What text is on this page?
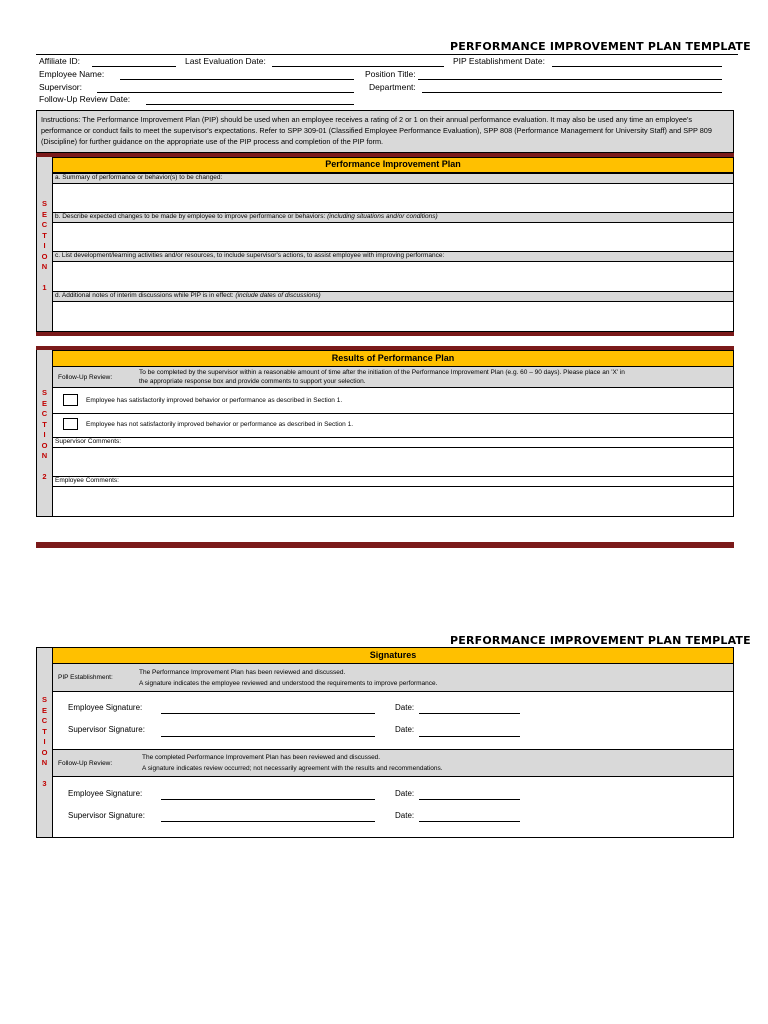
PERFORMANCE IMPROVEMENT PLAN TEMPLATE
Affiliate ID:	Last Evaluation Date:	PIP Establishment Date:
Employee Name:	Position Title:
Supervisor:	Department:
Follow-Up Review Date:
Instructions: The Performance Improvement Plan (PIP) should be used when an employee receives a rating of 2 or 1 on their annual performance evaluation. It may also be used any time an employee's performance or conduct fails to meet the supervisor's expectations. Refer to SPP 309-01 (Classified Employee Performance Evaluation), SPP 808 (Performance Management for University Staff) and SPP 809 (Discipline) for further guidance on the appropriate use of the PIP process and completion of the PIP form.
S
E
C
T
I
O
N

1
Performance Improvement Plan
a. Summary of performance or behavior(s) to be changed:
b. Describe expected changes to be made by employee to improve performance or behaviors: (including situations and/or conditions)
c. List development/learning activities and/or resources, to include supervisor's actions, to assist employee with improving performance:
d. Additional notes of interim discussions while PIP is in effect: (include dates of discussions)
S
E
C
T
I
O
N

2
Results of Performance Plan
Follow-Up Review:
To be completed by the supervisor within a reasonable amount of time after the initiation of the Performance Improvement Plan (e.g. 60 – 90 days). Please place an 'X' in
the appropriate response box and provide comments to support your selection.
Employee has satisfactorily improved behavior or performance as described in Section 1.
Employee has not satisfactorily improved behavior or performance as described in Section 1.
Supervisor Comments:
Employee Comments:
PERFORMANCE IMPROVEMENT PLAN TEMPLATE
S
E
C
T
I
O
N

3
Signatures
PIP Establishment:
The Performance Improvement Plan has been reviewed and discussed.
A signature indicates the employee reviewed and understood the requirements to improve performance.
Employee Signature:	Date:
Supervisor Signature:	Date:
Follow-Up Review:
The completed Performance Improvement Plan has been reviewed and discussed.
A signature indicates review occurred; not necessarily agreement with the results and recommendations.
Employee Signature:	Date:
Supervisor Signature:	Date:
